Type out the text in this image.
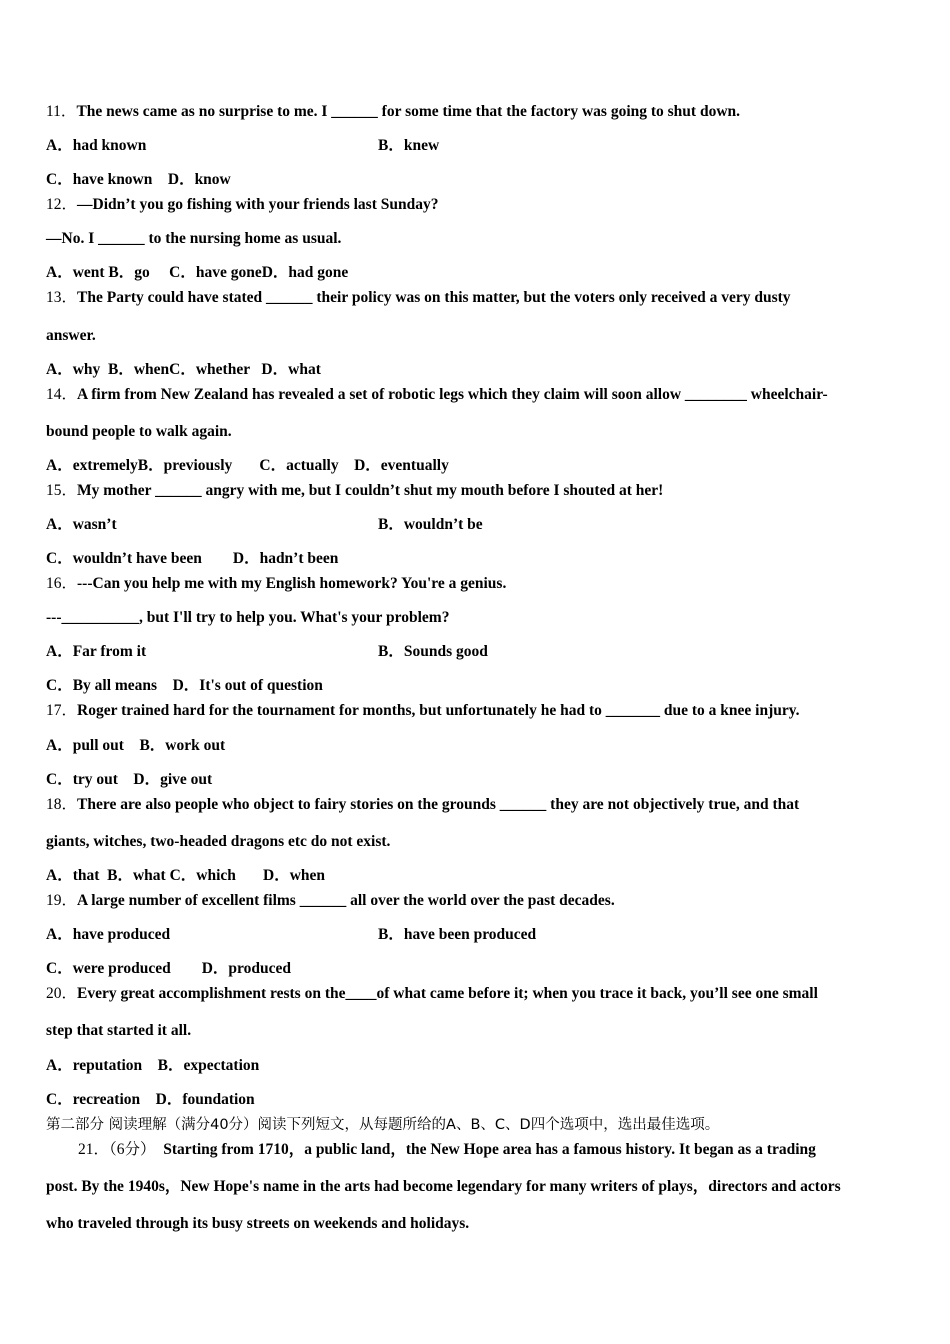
11．The news came as no surprise to me. I ______ for some time that the factory was going to shut down.
A．had known	B．knew
C．have known    D．know
12．—Didn’t you go fishing with your friends last Sunday?
—No. I ______ to the nursing home as usual.
A．went B．go     C．have goneD．had gone
13．The Party could have stated ______ their policy was on this matter, but the voters only received a very dusty
answer.
A．why  B．whenC．whether   D．what
14．A firm from New Zealand has revealed a set of robotic legs which they claim will soon allow ________ wheelchair-
bound people to walk again.
A．extremelyB．previously       C．actually    D．eventually
15．My mother ______ angry with me, but I couldn’t shut my mouth before I shouted at her!
A．wasn’t	B．wouldn’t be
C．wouldn’t have been        D．hadn’t been
16．---Can you help me with my English homework? You're a genius.
---__________, but I'll try to help you. What's your problem?
A．Far from it	B．Sounds good
C．By all means    D．It's out of question
17．Roger trained hard for the tournament for months, but unfortunately he had to _______ due to a knee injury.
A．pull out    B．work out
C．try out    D．give out
18．There are also people who object to fairy stories on the grounds ______ they are not objectively true, and that
giants, witches, two-headed dragons etc do not exist.
A．that  B．what C．which       D．when
19．A large number of excellent films ______ all over the world over the past decades.
A．have produced	B．have been produced
C．were produced        D．produced
20．Every great accomplishment rests on the____of what came before it; when you trace it back, you’ll see one small
step that started it all.
A．reputation    B．expectation
C．recreation    D．foundation
第二部分 阅读理解（满分40分）阅读下列短文，从每题所给的A、B、C、D四个选项中，选出最佳选项。
21．（6分） Starting from 1710，a public land，the New Hope area has a famous history. It began as a trading
post. By the 1940s，New Hope's name in the arts had become legendary for many writers of plays，directors and actors
who traveled through its busy streets on weekends and holidays.
